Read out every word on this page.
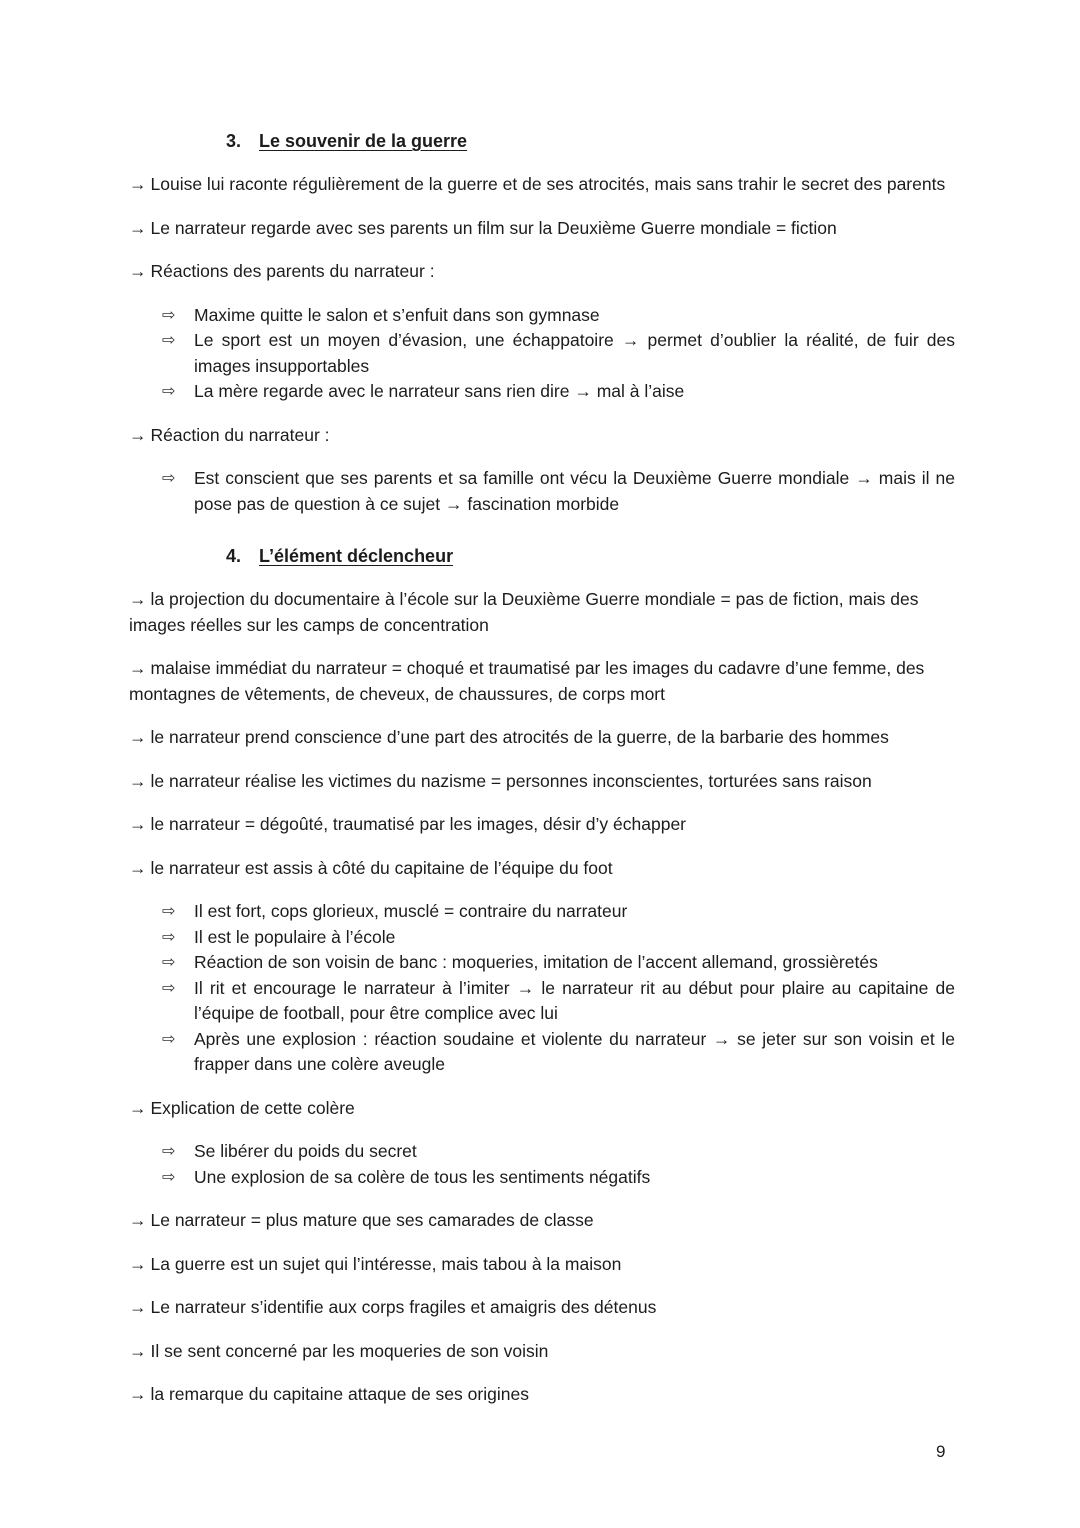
3. Le souvenir de la guerre
→ Louise lui raconte régulièrement de la guerre et de ses atrocités, mais sans trahir le secret des parents
→ Le narrateur regarde avec ses parents un film sur la Deuxième Guerre mondiale = fiction
→ Réactions des parents du narrateur :
⇨ Maxime quitte le salon et s’enfuit dans son gymnase
⇨ Le sport est un moyen d’évasion, une échappatoire → permet d’oublier la réalité, de fuir des images insupportables
⇨ La mère regarde avec le narrateur sans rien dire → mal à l’aise
→ Réaction du narrateur :
⇨ Est conscient que ses parents et sa famille ont vécu la Deuxième Guerre mondiale → mais il ne pose pas de question à ce sujet → fascination morbide
4. L’élément déclencheur
→ la projection du documentaire à l’école sur la Deuxième Guerre mondiale = pas de fiction, mais des images réelles sur les camps de concentration
→ malaise immédiat du narrateur = choqué et traumatisé par les images du cadavre d’une femme, des montagnes de vêtements, de cheveux, de chaussures, de corps mort
→ le narrateur prend conscience d’une part des atrocités de la guerre, de la barbarie des hommes
→ le narrateur réalise les victimes du nazisme = personnes inconscientes, torturées sans raison
→ le narrateur = dégoûté, traumatisé par les images, désir d’y échapper
→ le narrateur est assis à côté du capitaine de l’équipe du foot
⇨ Il est fort, cops glorieux, musclé = contraire du narrateur
⇨ Il est le populaire à l’école
⇨ Réaction de son voisin de banc : moqueries, imitation de l’accent allemand, grossièretés
⇨ Il rit et encourage le narrateur à l’imiter → le narrateur rit au début pour plaire au capitaine de l’équipe de football, pour être complice avec lui
⇨ Après une explosion : réaction soudaine et violente du narrateur → se jeter sur son voisin et le frapper dans une colère aveugle
→ Explication de cette colère
⇨ Se libérer du poids du secret
⇨ Une explosion de sa colère de tous les sentiments négatifs
→ Le narrateur = plus mature que ses camarades de classe
→ La guerre est un sujet qui l’intéresse, mais tabou à la maison
→ Le narrateur s’identifie aux corps fragiles et amaigris des détenus
→ Il se sent concerné par les moqueries de son voisin
→ la remarque du capitaine attaque de ses origines
9
